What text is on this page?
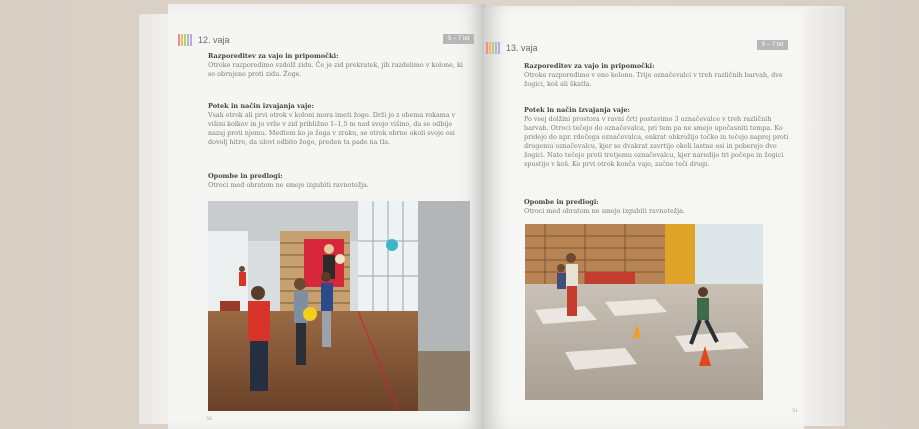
12. vaja	5 – 7 let
Razporeditev za vajo in pripomočki:
Otroke razporedimo vzdolž zidu. Če je zid prekratek, jih razdelimo v kolone, ki so obrnjene proti zidu. Žoge.
Potek in način izvajanja vaje:
Vsak otrok ali prvi otrok v koloni mora imeti žogo. Drži jo z obema rokama v višini kolkov in jo vrže v zid približno 1–1,5 m nad svojo višino, da se odbije nazaj proti njemu. Medtem ko je žoga v zraku, se otrok obrne okoli svoje osi dovolj hitro, da ulovi odbito žogo, preden ta pade na tla.
Opombe in predlogi:
Otroci med obratom ne smejo izgubiti ravnotežja.
50
13. vaja	5 – 7 let
Razporeditev za vajo in pripomočki:
Otroke razporedimo v eno kolono. Trije označevalci v treh različnih barvah, dve žogici, koš ali škatla.
Potek in način izvajanja vaje:
Po vsej dolžini prostora v ravni črti postavimo 3 označevalce v treh različnih barvah. Otroci tečejo do označevalca, pri tem pa ne smejo upočasniti tempa. Ko pridejo do npr. rdečega označevalca, enkrat obkrožijo točko in tečejo naprej proti drugemu označevalcu, kjer se dvakrat zavrtijo okoli lastne osi in poberejo dve žogici. Nato tečejo proti tretjemu označevalcu, kjer naredijo tri počepe in žogici spustijo v koš. Ko prvi otrok konča vajo, začne teči drugi.
Opombe in predlogi:
Otroci med obratom ne smejo izgubiti ravnotežja.
51
